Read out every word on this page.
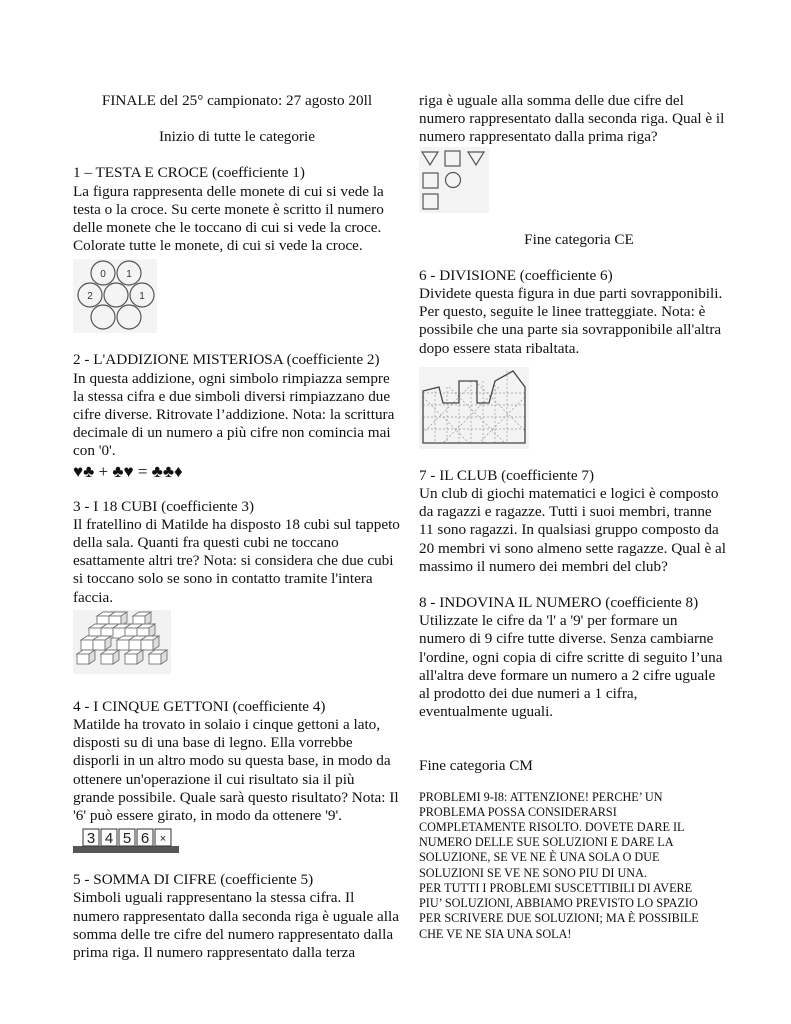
FINALE del 25° campionato: 27 agosto 20ll
Inizio di tutte le categorie
1 – TESTA E CROCE (coefficiente 1)
La figura rappresenta delle monete di cui si vede la
testa o la croce. Su certe monete è scritto il numero
delle monete che le toccano di cui si vede la croce.
Colorate tutte le monete, di cui si vede la croce.
0 1
2	1
2 - L'ADDIZIONE MISTERIOSA (coefficiente 2)
In questa addizione, ogni simbolo rimpiazza sempre
la stessa cifra e due simboli diversi rimpiazzano due
cifre diverse. Ritrovate l’addizione. Nota: la scrittura
decimale di un numero a più cifre non comincia mai
con '0'.
♥♣ + ♣♥ = ♣♣♦
3 - I 18 CUBI (coefficiente 3)
Il fratellino di Matilde ha disposto 18 cubi sul tappeto
della sala. Quanti fra questi cubi ne toccano
esattamente altri tre? Nota: si considera che due cubi
si toccano solo se sono in contatto tramite l'intera
faccia.
4 - I CINQUE GETTONI (coefficiente 4)
Matilde ha trovato in solaio i cinque gettoni a lato,
disposti su di una base di legno. Ella vorrebbe
disporli in un altro modo su questa base, in modo da
ottenere un'operazione il cui risultato sia il più
grande possibile. Quale sarà questo risultato? Nota: Il
'6' può essere girato, in modo da ottenere '9'.
3 4 5 6 ×
5 - SOMMA DI CIFRE (coefficiente 5)
Simboli uguali rappresentano la stessa cifra. Il
numero rappresentato dalla seconda riga è uguale alla
somma delle tre cifre del numero rappresentato dalla
prima riga. Il numero rappresentato dalla terza
riga è uguale alla somma delle due cifre del
numero rappresentato dalla seconda riga. Qual è il
numero rappresentato dalla prima riga?
Fine categoria CE
6 - DIVISIONE (coefficiente 6)
Dividete questa figura in due parti sovrapponibili.
Per questo, seguite le linee tratteggiate. Nota: è
possibile che una parte sia sovrapponibile all'altra
dopo essere stata ribaltata.
7 - IL CLUB (coefficiente 7)
Un club di giochi matematici e logici è composto
da ragazzi e ragazze. Tutti i suoi membri, tranne
11 sono ragazzi. In qualsiasi gruppo composto da
20 membri vi sono almeno sette ragazze. Qual è al
massimo il numero dei membri del club?
8 - INDOVINA IL NUMERO (coefficiente 8)
Utilizzate le cifre da 'l' a '9' per formare un
numero di 9 cifre tutte diverse. Senza cambiarne
l'ordine, ogni copia di cifre scritte di seguito l’una
all'altra deve formare un numero a 2 cifre uguale
al prodotto dei due numeri a 1 cifra,
eventualmente uguali.
Fine categoria CM
PROBLEMI 9-I8: ATTENZIONE! PERCHE’ UN
PROBLEMA POSSA CONSIDERARSI
COMPLETAMENTE RISOLTO. DOVETE DARE IL
NUMERO DELLE SUE SOLUZIONI E DARE LA
SOLUZIONE, SE VE NE È UNA SOLA O DUE
SOLUZIONI SE VE NE SONO PIU DI UNA.
PER TUTTI I PROBLEMI SUSCETTIBILI DI AVERE
PIU’ SOLUZIONI, ABBIAMO PREVISTO LO SPAZIO
PER SCRIVERE DUE SOLUZIONI; MA È POSSIBILE
CHE VE NE SIA UNA SOLA!
